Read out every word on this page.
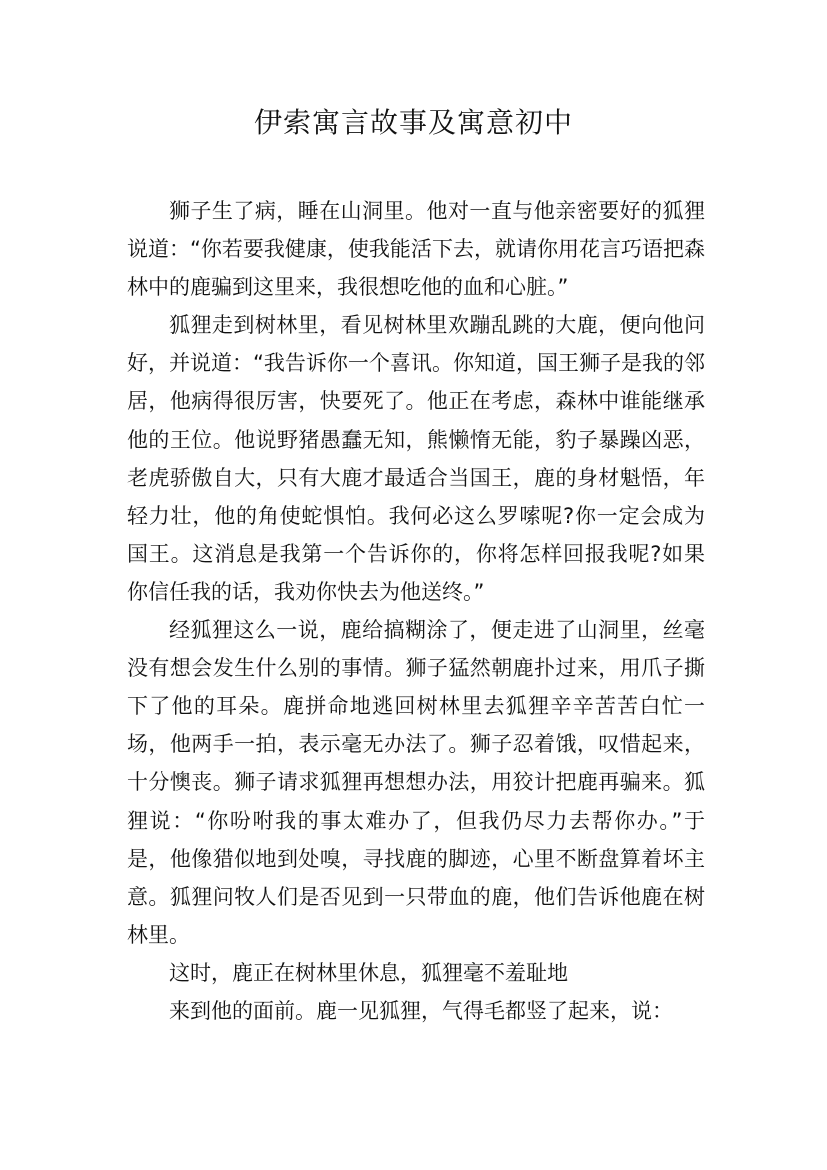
伊索寓言故事及寓意初中

狮子生了病，睡在山洞里。他对一直与他亲密要好的狐狸说道：“你若要我健康，使我能活下去，就请你用花言巧语把森林中的鹿骗到这里来，我很想吃他的血和心脏。”

狐狸走到树林里，看见树林里欢蹦乱跳的大鹿，便向他问好，并说道：“我告诉你一个喜讯。你知道，国王狮子是我的邻居，他病得很厉害，快要死了。他正在考虑，森林中谁能继承他的王位。他说野猪愚蠢无知，熊懒惰无能，豹子暴躁凶恶，老虎骄傲自大，只有大鹿才最适合当国王，鹿的身材魁悟，年轻力壮，他的角使蛇惧怕。我何必这么罗嗦呢?你一定会成为国王。这消息是我第一个告诉你的，你将怎样回报我呢?如果你信任我的话，我劝你快去为他送终。”

经狐狸这么一说，鹿给搞糊涂了，便走进了山洞里，丝毫没有想会发生什么别的事情。狮子猛然朝鹿扑过来，用爪子撕下了他的耳朵。鹿拼命地逃回树林里去狐狸辛辛苦苦白忙一场，他两手一拍，表示毫无办法了。狮子忍着饿，叹惜起来，十分懊丧。狮子请求狐狸再想想办法，用狡计把鹿再骗来。狐狸说：“你吩咐我的事太难办了，但我仍尽力去帮你办。”于是，他像猎似地到处嗅，寻找鹿的脚迹，心里不断盘算着坏主意。狐狸问牧人们是否见到一只带血的鹿，他们告诉他鹿在树林里。

这时，鹿正在树林里休息，狐狸毫不羞耻地

来到他的面前。鹿一见狐狸，气得毛都竖了起来，说：
